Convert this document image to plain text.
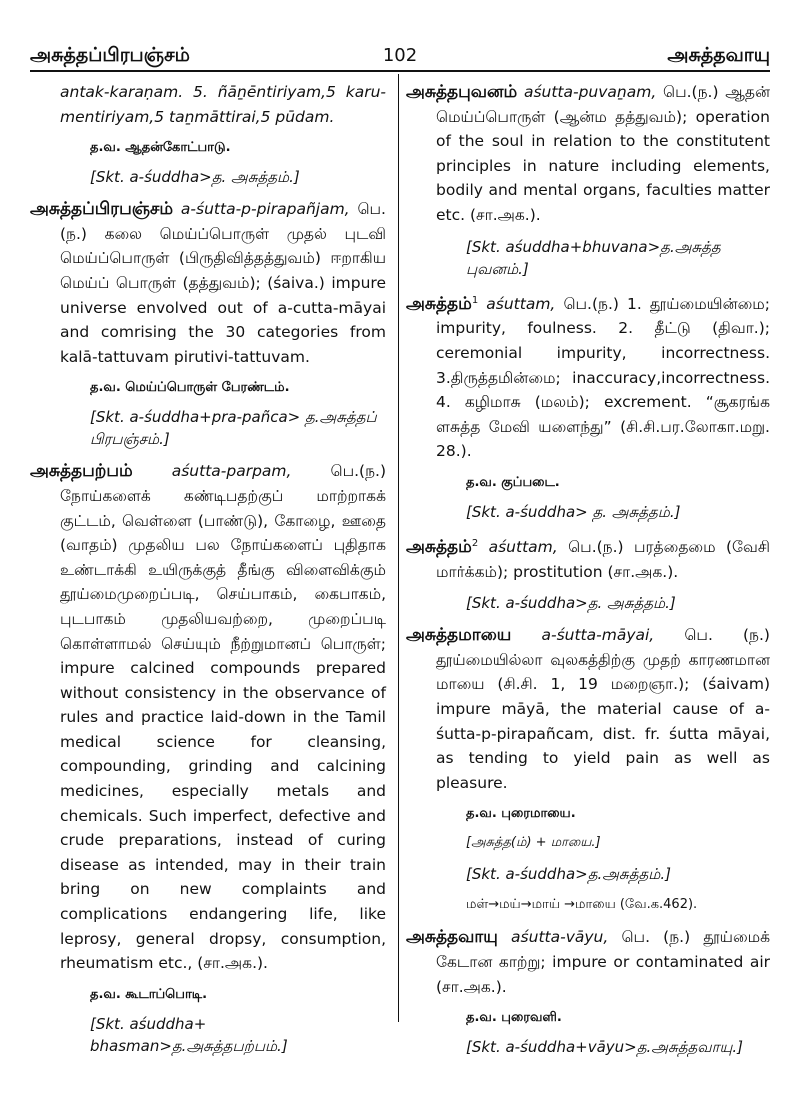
102
அசுத்தப்பிரபஞ்சம்	அசுத்தவாயு

antak-karaṇam. 5. ñāṉēntiriyam,5 karu-mentiriyam,5 taṉmāttirai,5 pūdam.

த.வ. ஆதன்கோட்பாடு.

[Skt. a-śuddha>த. அசுத்தம்.]

அசுத்தப்பிரபஞ்சம் a-śutta-p-pirapañjam, பெ.(ந.) கலை மெய்ப்பொருள் முதல் புடவி மெய்ப்பொருள் (பிருதிவித்தத்துவம்) ஈறாகிய மெய்ப் பொருள் (தத்துவம்); (śaiva.) impure universe envolved out of a-cutta-māyai and comrising the 30 categories from kalā-tattuvam pirutivi-tattuvam.

த.வ. மெய்ப்பொருள் பேரண்டம்.

[Skt. a-śuddha+pra-pañca> த.அசுத்தப் பிரபஞ்சம்.]

அசுத்தபற்பம்	aśutta-parpam,	பெ.(ந.) நோய்களைக் கண்டிபதற்குப் மாற்றாகக் குட்டம், வெள்ளை (பாண்டு), கோழை, ஊதை (வாதம்) முதலிய பல நோய்களைப் புதிதாக உண்டாக்கி உயிருக்குத் தீங்கு விளைவிக்கும் தூய்மைமுறைப்படி, செய்பாகம், கைபாகம், புடபாகம் முதலியவற்றை, முறைப்படி கொள்ளாமல் செய்யும் நீற்றுமானப் பொருள்; impure calcined compounds prepared without consistency in the observance of rules and practice laid-down in the Tamil medical science for cleansing, compounding, grinding and calcining medicines, especially metals and chemicals. Such imperfect, defective and crude preparations, instead of curing disease as intended, may in their train bring on new complaints and complications endangering life, like leprosy, general dropsy, consumption, rheumatism etc., (சா.அக.).

த.வ. கூடாப்பொடி.

[Skt. aśuddha+ bhasman>த.அசுத்தபற்பம்.]

அசுத்தபுவனம் aśutta-puvaṉam, பெ.(ந.) ஆதன் மெய்ப்பொருள் (ஆன்ம தத்துவம்); operation of the soul in relation to the constitutent principles in nature including elements, bodily and mental organs, faculties matter etc. (சா.அக.).

[Skt. aśuddha+bhuvana>த.அசுத்த புவனம்.]

அசுத்தம்$^1$ aśuttam, பெ.(ந.) 1. தூய்மையின்மை; impurity, foulness. 2. தீட்டு (திவா.); ceremonial impurity, incorrectness. 3.திருத்தமின்மை; inaccuracy,incorrectness. 4. கழிமாசு (மலம்); excrement. “சூகரங்க ளசுத்த மேவி யளைந்து” (சி.சி.பர.லோகா.மறு. 28.).

த.வ. குப்படை.

[Skt. a-śuddha> த. அசுத்தம்.]

அசுத்தம்$^2$ aśuttam, பெ.(ந.) பரத்தைமை (வேசி மார்க்கம்); prostitution (சா.அக.).

[Skt. a-śuddha>த. அசுத்தம்.]

அசுத்தமாயை a-śutta-māyai, பெ. (ந.) தூய்மையில்லா வுலகத்திற்கு முதற் காரணமான மாயை (சி.சி. 1, 19 மறைஞா.); (śaivam) impure māyā, the material cause of a-śutta-p-pirapañcam, dist. fr. śutta māyai, as tending to yield pain as well as pleasure.

த.வ. புரைமாயை.

[அசுத்த(ம்) + மாயை.]

[Skt. a-śuddha>த.அசுத்தம்.]

மள்→மய்→மாய் →மாயை (வே.க.462).

அசுத்தவாயு aśutta-vāyu, பெ. (ந.) தூய்மைக் கேடான காற்று; impure or contaminated air (சா.அக.).

த.வ. புரைவளி.

[Skt. a-śuddha+vāyu>த.அசுத்தவாயு.]
